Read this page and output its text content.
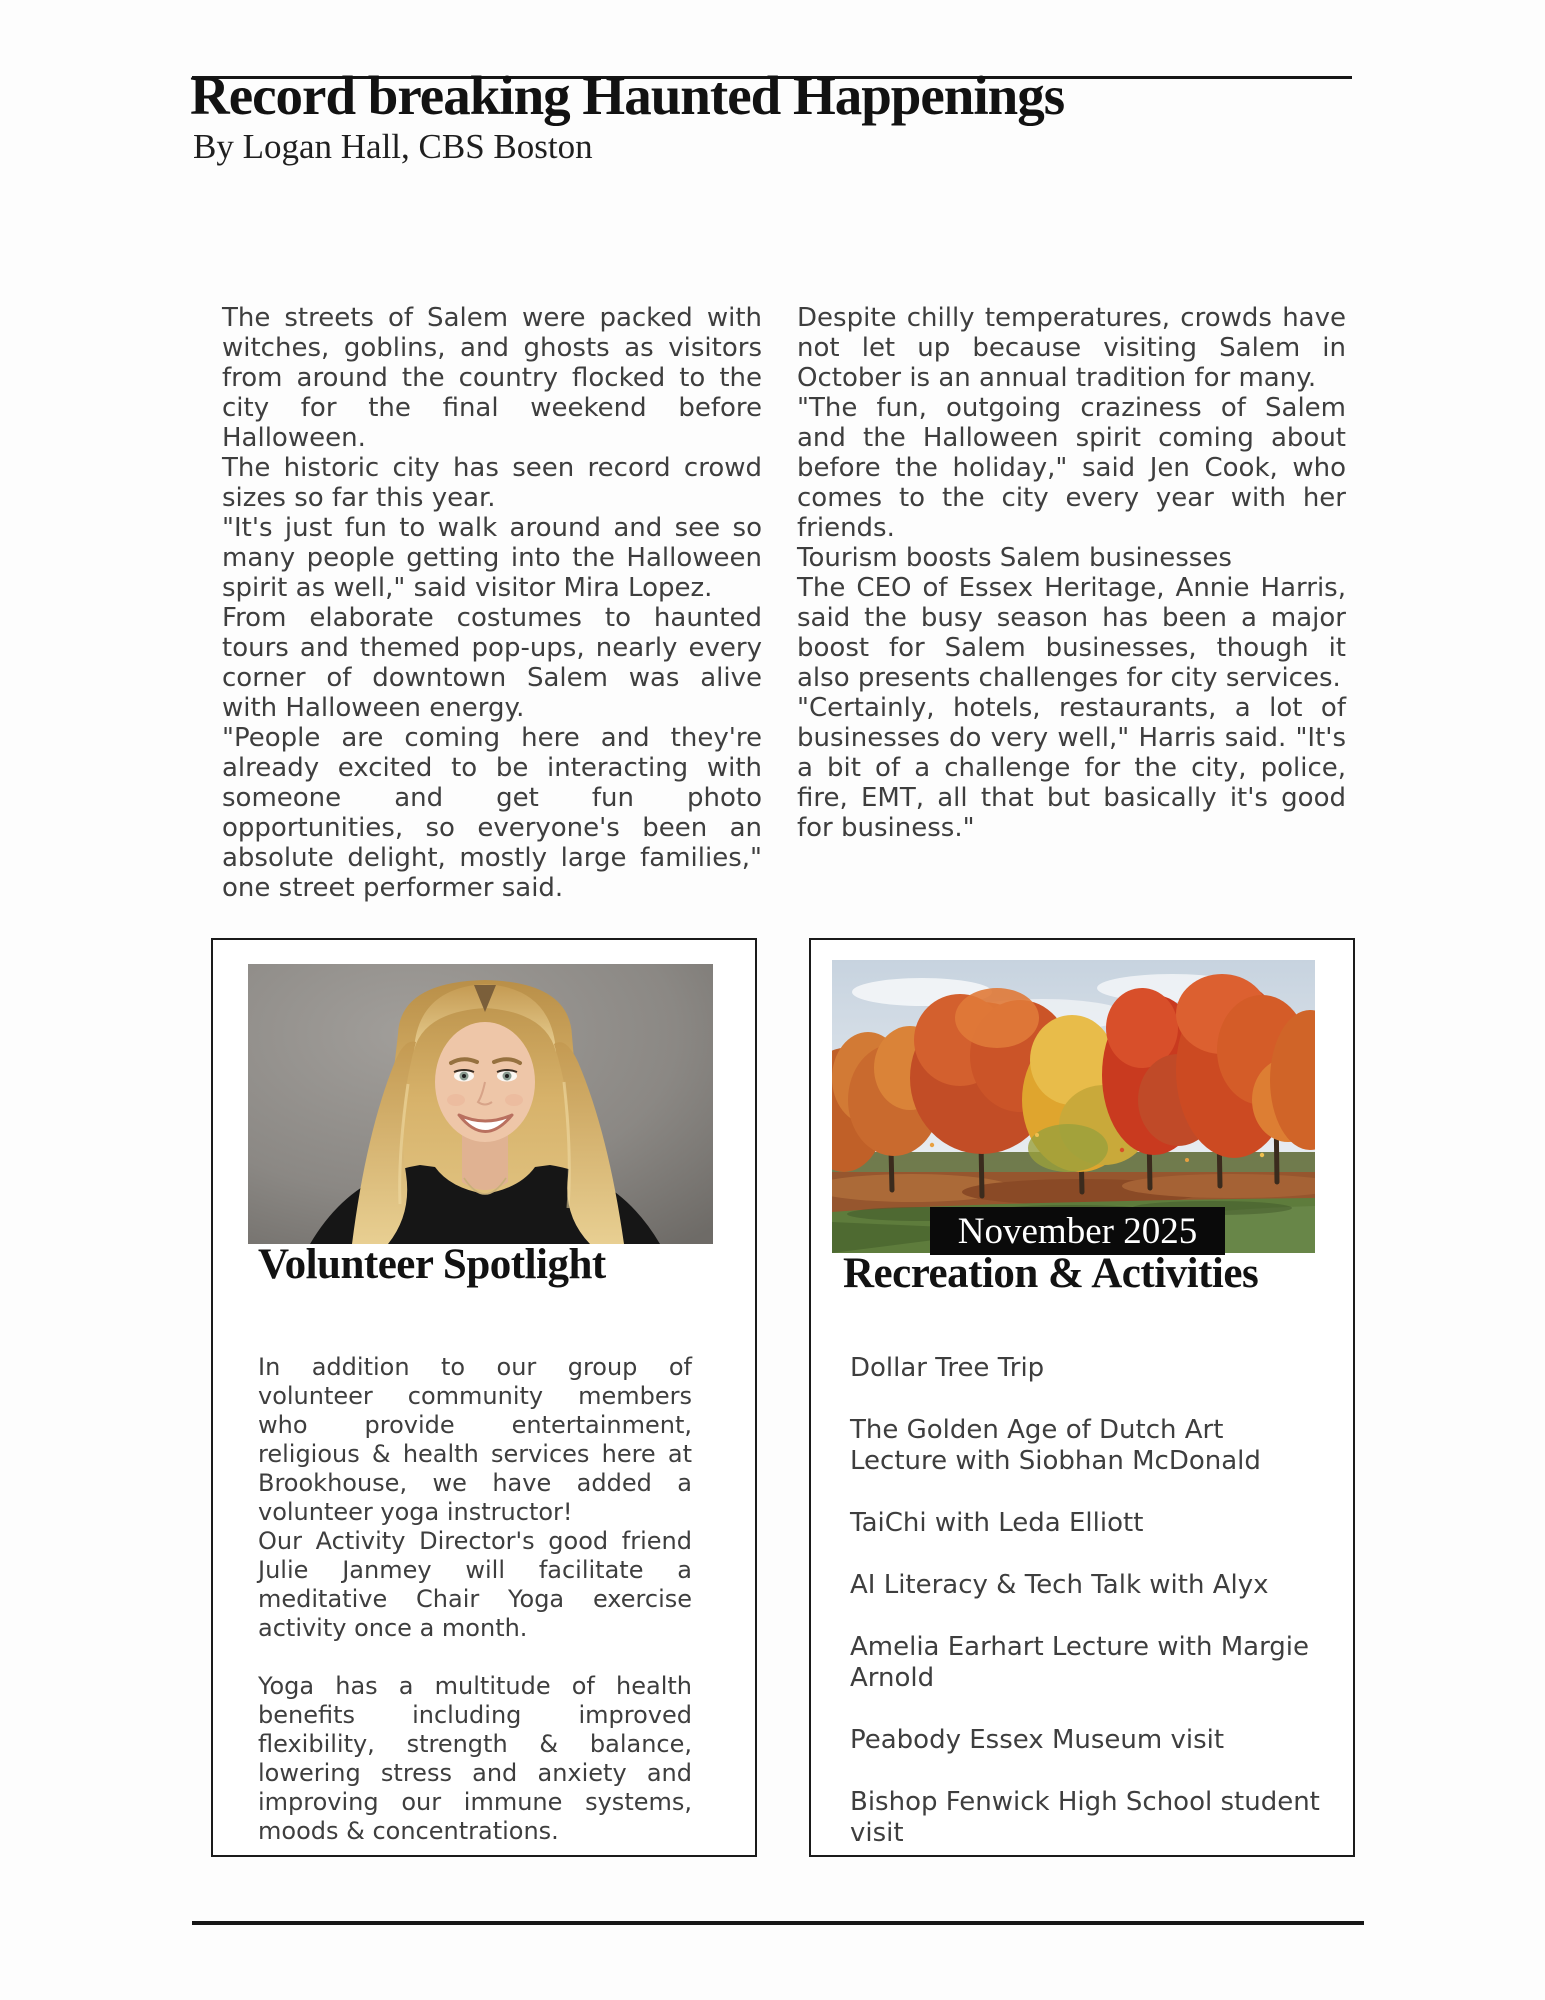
Record breaking Haunted Happenings
By Logan Hall, CBS Boston

The streets of Salem were packed with witches, goblins, and ghosts as visitors from around the country flocked to the city for the final weekend before Halloween.

The historic city has seen record crowd sizes so far this year.

"It's just fun to walk around and see so many people getting into the Halloween spirit as well," said visitor Mira Lopez.

From elaborate costumes to haunted tours and themed pop-ups, nearly every corner of downtown Salem was alive with Halloween energy.

"People are coming here and they're already excited to be interacting with someone and get fun photo opportunities, so everyone's been an absolute delight, mostly large families," one street performer said.

Despite chilly temperatures, crowds have not let up because visiting Salem in October is an annual tradition for many.

"The fun, outgoing craziness of Salem and the Halloween spirit coming about before the holiday," said Jen Cook, who comes to the city every year with her friends.

Tourism boosts Salem businesses

The CEO of Essex Heritage, Annie Harris, said the busy season has been a major boost for Salem businesses, though it also presents challenges for city services.

"Certainly, hotels, restaurants, a lot of businesses do very well," Harris said. "It's a bit of a challenge for the city, police, fire, EMT, all that but basically it's good for business."

Volunteer Spotlight

In addition to our group of volunteer community members who provide entertainment, religious & health services here at Brookhouse, we have added a volunteer yoga instructor!

Our Activity Director's good friend Julie Janmey will facilitate a meditative Chair Yoga exercise activity once a month.

Yoga has a multitude of health benefits including improved flexibility, strength & balance, lowering stress and anxiety and improving our immune systems, moods & concentrations.

November 2025
Recreation & Activities

Dollar Tree Trip

The Golden Age of Dutch Art Lecture with Siobhan McDonald

TaiChi with Leda Elliott

AI Literacy & Tech Talk with Alyx

Amelia Earhart Lecture with Margie Arnold

Peabody Essex Museum visit

Bishop Fenwick High School student visit
